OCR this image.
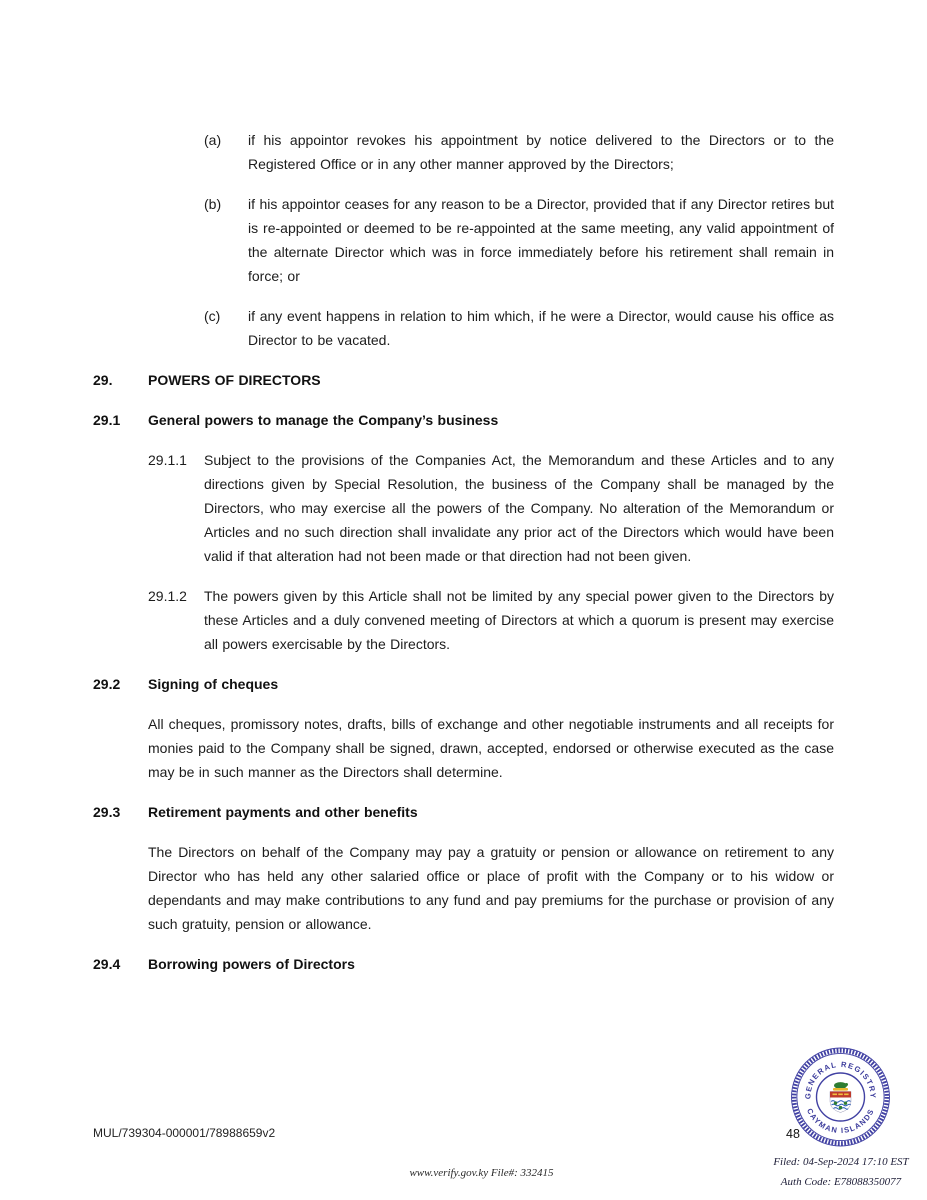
(a)	if his appointor revokes his appointment by notice delivered to the Directors or to the Registered Office or in any other manner approved by the Directors;
(b)	if his appointor ceases for any reason to be a Director, provided that if any Director retires but is re-appointed or deemed to be re-appointed at the same meeting, any valid appointment of the alternate Director which was in force immediately before his retirement shall remain in force; or
(c)	if any event happens in relation to him which, if he were a Director, would cause his office as Director to be vacated.
29.	POWERS OF DIRECTORS
29.1	General powers to manage the Company’s business
29.1.1	Subject to the provisions of the Companies Act, the Memorandum and these Articles and to any directions given by Special Resolution, the business of the Company shall be managed by the Directors, who may exercise all the powers of the Company. No alteration of the Memorandum or Articles and no such direction shall invalidate any prior act of the Directors which would have been valid if that alteration had not been made or that direction had not been given.
29.1.2	The powers given by this Article shall not be limited by any special power given to the Directors by these Articles and a duly convened meeting of Directors at which a quorum is present may exercise all powers exercisable by the Directors.
29.2	Signing of cheques
All cheques, promissory notes, drafts, bills of exchange and other negotiable instruments and all receipts for monies paid to the Company shall be signed, drawn, accepted, endorsed or otherwise executed as the case may be in such manner as the Directors shall determine.
29.3	Retirement payments and other benefits
The Directors on behalf of the Company may pay a gratuity or pension or allowance on retirement to any Director who has held any other salaried office or place of profit with the Company or to his widow or dependants and may make contributions to any fund and pay premiums for the purchase or provision of any such gratuity, pension or allowance.
29.4	Borrowing powers of Directors
MUL/739304-000001/78988659v2	48
GENERAL REGISTRY
CAYMAN ISLANDS
Filed: 04-Sep-2024 17:10 EST
Auth Code: E78088350077
www.verify.gov.ky File#: 332415
